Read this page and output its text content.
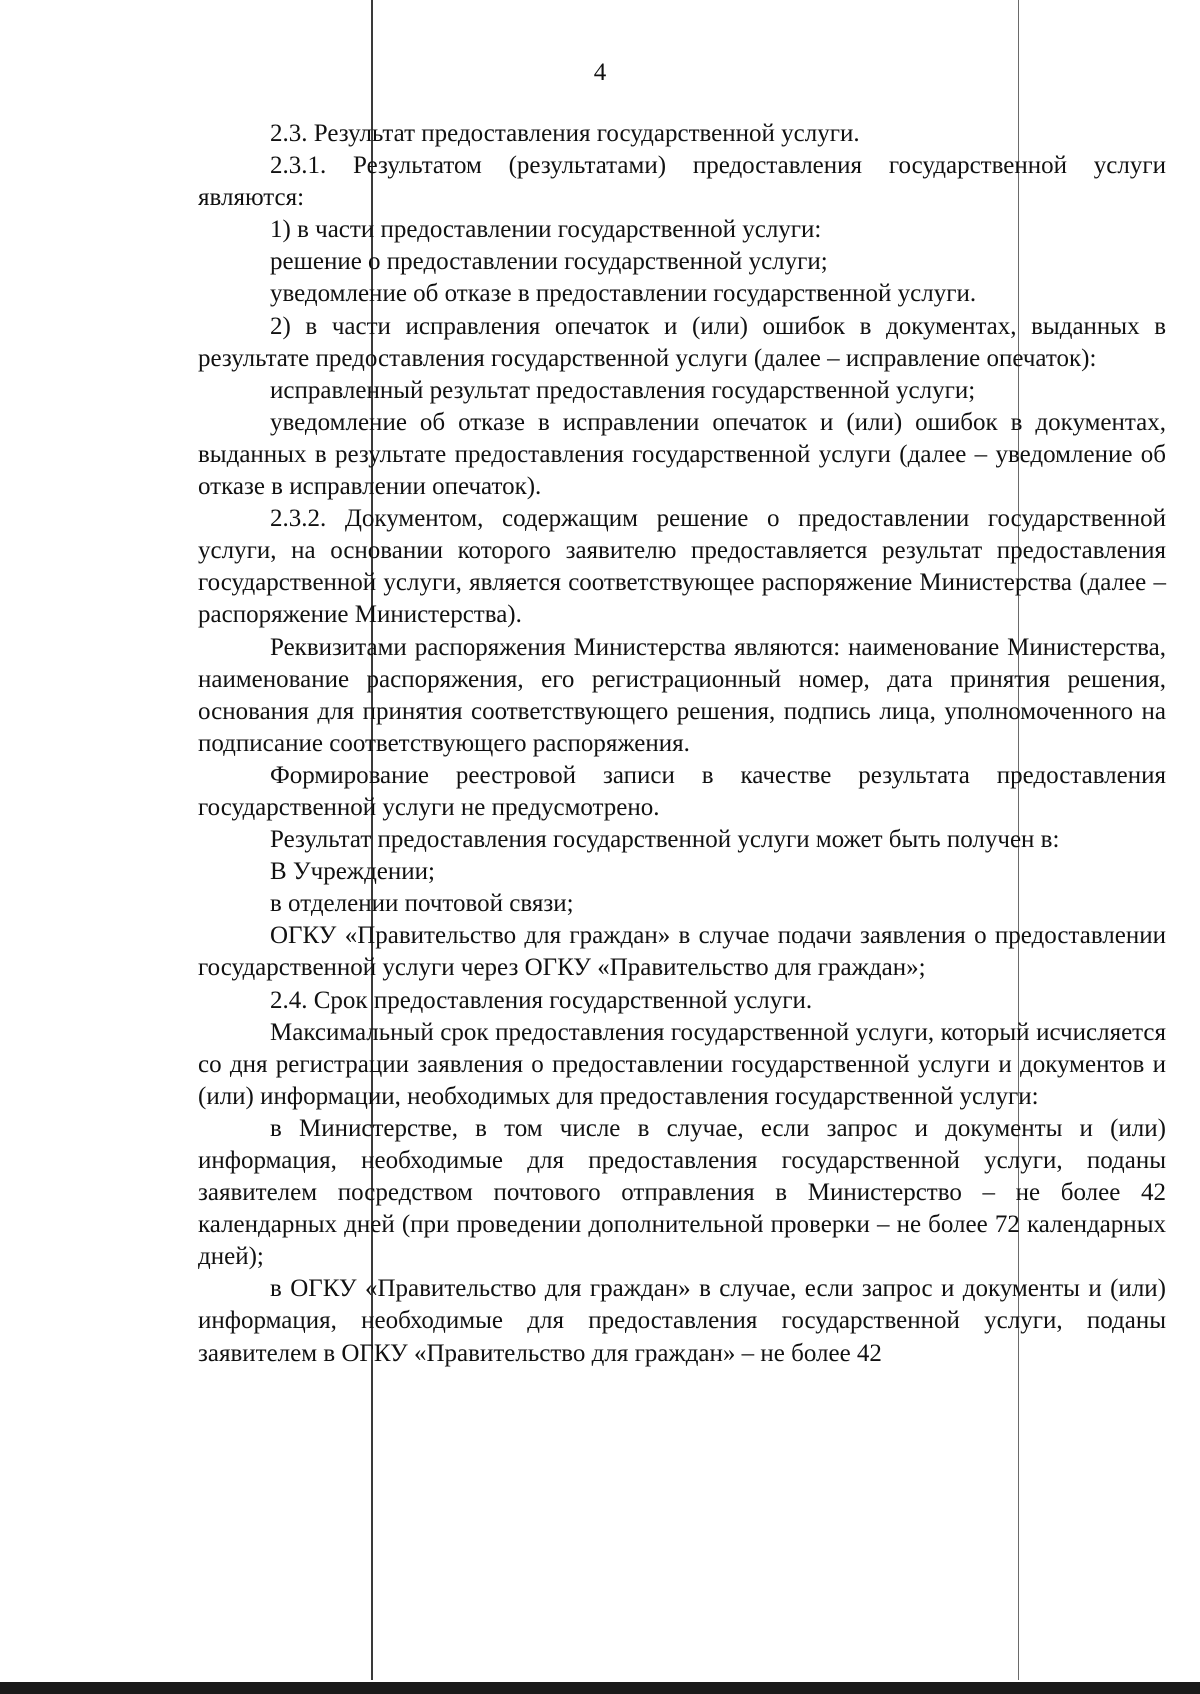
4

2.3. Результат предоставления государственной услуги.

2.3.1. Результатом (результатами) предоставления государственной услуги являются:

1) в части предоставлении государственной услуги:

решение о предоставлении государственной услуги;

уведомление об отказе в предоставлении государственной услуги.

2) в части исправления опечаток и (или) ошибок в документах, выданных в результате предоставления государственной услуги (далее – исправление опечаток):

исправленный результат предоставления государственной услуги;

уведомление об отказе в исправлении опечаток и (или) ошибок в документах, выданных в результате предоставления государственной услуги (далее – уведомление об отказе в исправлении опечаток).

2.3.2. Документом, содержащим решение о предоставлении государственной услуги, на основании которого заявителю предоставляется результат предоставления государственной услуги, является соответствующее распоряжение Министерства (далее – распоряжение Министерства).

Реквизитами распоряжения Министерства являются: наименование Министерства, наименование распоряжения, его регистрационный номер, дата принятия решения, основания для принятия соответствующего решения, подпись лица, уполномоченного на подписание соответствующего распоряжения.

Формирование реестровой записи в качестве результата предоставления государственной услуги не предусмотрено.

Результат предоставления государственной услуги может быть получен в:

В Учреждении;

в отделении почтовой связи;

ОГКУ «Правительство для граждан» в случае подачи заявления о предоставлении государственной услуги через ОГКУ «Правительство для граждан»;

2.4. Срок предоставления государственной услуги.

Максимальный срок предоставления государственной услуги, который исчисляется со дня регистрации заявления о предоставлении государственной услуги и документов и (или) информации, необходимых для предоставления государственной услуги:

в Министерстве, в том числе в случае, если запрос и документы и (или) информация, необходимые для предоставления государственной услуги, поданы заявителем посредством почтового отправления в Министерство – не более 42 календарных дней (при проведении дополнительной проверки – не более 72 календарных дней);

в ОГКУ «Правительство для граждан» в случае, если запрос и документы и (или) информация, необходимые для предоставления государственной услуги, поданы заявителем в ОГКУ «Правительство для граждан» – не более 42
